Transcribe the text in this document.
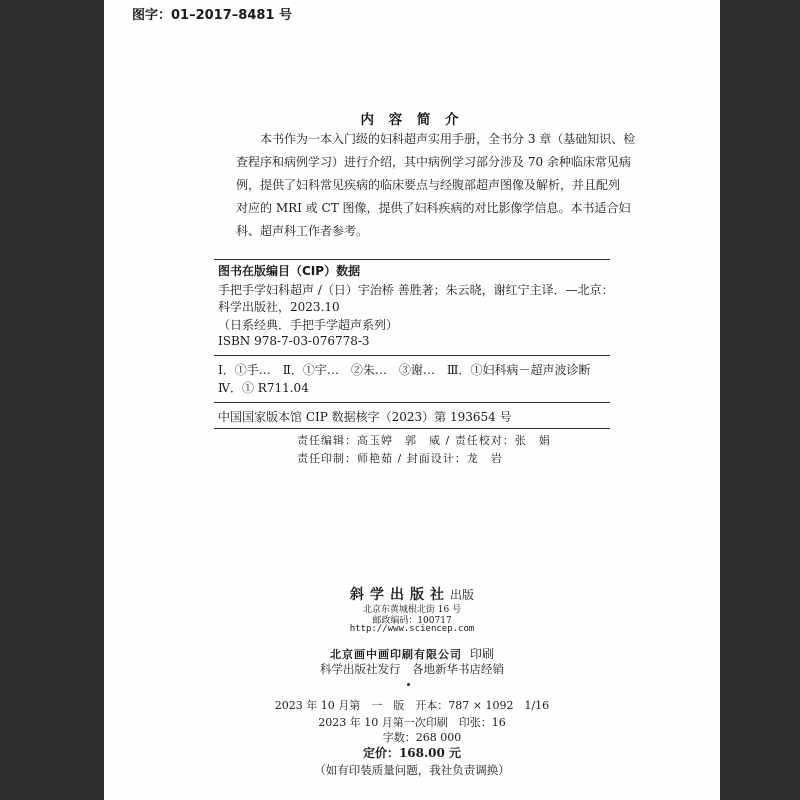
图字：01–2017–8481 号
内 容 简 介
本书作为一本入门级的妇科超声实用手册，全书分 3 章（基础知识、检
查程序和病例学习）进行介绍，其中病例学习部分涉及 70 余种临床常见病
例，提供了妇科常见疾病的临床要点与经腹部超声图像及解析，并且配列
对应的 MRI 或 CT 图像，提供了妇科疾病的对比影像学信息。本书适合妇
科、超声科工作者参考。
图书在版编目（CIP）数据
手把手学妇科超声 /（日）宇治桥 善胜著；朱云晓，谢红宁主译．—北京：
科学出版社，2023.10
（日系经典．手把手学超声系列）
ISBN 978-7-03-076778-3
Ⅰ．①手…　Ⅱ．①宇…　②朱…　③谢…　Ⅲ．①妇科病－超声波诊断
Ⅳ．① R711.04
中国国家版本馆 CIP 数据核字（2023）第 193654 号
责任编辑：高玉婷　郭　威 / 责任校对：张　娟
责任印制：师艳茹 / 封面设计：龙　岩
斜学出版社出版
北京东黄城根北街 16 号
邮政编码：100717
http://www.sciencep.com
北京画中画印刷有限公司 印刷
科学出版社发行　各地新华书店经销
2023 年 10 月第　一　版　开本：787 × 1092　1/16
2023 年 10 月第一次印刷　印张：16
字数：268 000
定价：168.00 元
（如有印装质量问题，我社负责调换）
